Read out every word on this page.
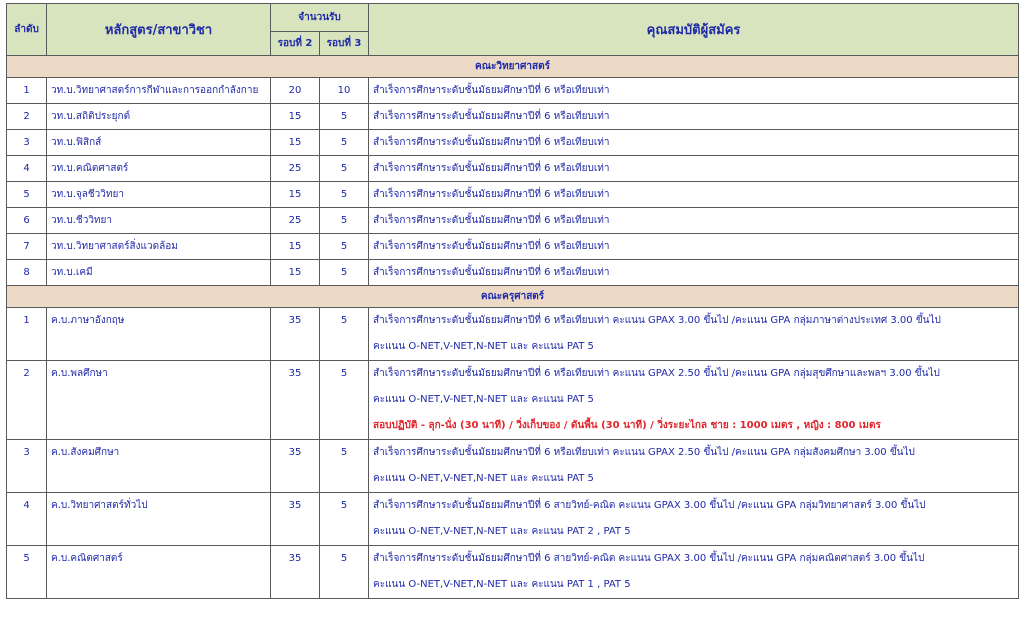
ลำดับ	หลักสูตร/สาขาวิชา	จำนวนรับ		คุณสมบัติผู้สมัคร
		รอบที่ 2	รอบที่ 3	
คณะวิทยาศาสตร์				
1	วท.บ.วิทยาศาสตร์การกีฬาและการออกกำลังกาย	20	10	สำเร็จการศึกษาระดับชั้นมัธยมศึกษาปีที่ 6 หรือเทียบเท่า
2	วท.บ.สถิติประยุกต์	15	5	สำเร็จการศึกษาระดับชั้นมัธยมศึกษาปีที่ 6 หรือเทียบเท่า
3	วท.บ.ฟิสิกส์	15	5	สำเร็จการศึกษาระดับชั้นมัธยมศึกษาปีที่ 6 หรือเทียบเท่า
4	วท.บ.คณิตศาสตร์	25	5	สำเร็จการศึกษาระดับชั้นมัธยมศึกษาปีที่ 6 หรือเทียบเท่า
5	วท.บ.จุลชีววิทยา	15	5	สำเร็จการศึกษาระดับชั้นมัธยมศึกษาปีที่ 6 หรือเทียบเท่า
6	วท.บ.ชีววิทยา	25	5	สำเร็จการศึกษาระดับชั้นมัธยมศึกษาปีที่ 6 หรือเทียบเท่า
7	วท.บ.วิทยาศาสตร์สิ่งแวดล้อม	15	5	สำเร็จการศึกษาระดับชั้นมัธยมศึกษาปีที่ 6 หรือเทียบเท่า
8	วท.บ.เคมี	15	5	สำเร็จการศึกษาระดับชั้นมัธยมศึกษาปีที่ 6 หรือเทียบเท่า
คณะครุศาสตร์				
1	ค.บ.ภาษาอังกฤษ	35	5	สำเร็จการศึกษาระดับชั้นมัธยมศึกษาปีที่ 6 หรือเทียบเท่า คะแนน GPAX 3.00 ขึ้นไป /คะแนน GPA กลุ่มภาษาต่างประเทศ 3.00 ขึ้นไป
คะแนน O-NET,V-NET,N-NET และ คะแนน PAT 5

2	ค.บ.พลศึกษา	35	5	สำเร็จการศึกษาระดับชั้นมัธยมศึกษาปีที่ 6 หรือเทียบเท่า คะแนน GPAX 2.50 ขึ้นไป /คะแนน GPA กลุ่มสุขศึกษาและพลฯ 3.00 ขึ้นไป
คะแนน O-NET,V-NET,N-NET และ คะแนน PAT 5
สอบปฏิบัติ - ลุก-นั่ง (30 นาที) / วิ่งเก็บของ / ดันพื้น (30 นาที) / วิ่งระยะไกล ชาย : 1000 เมตร , หญิง : 800 เมตร

3	ค.บ.สังคมศึกษา	35	5	สำเร็จการศึกษาระดับชั้นมัธยมศึกษาปีที่ 6 หรือเทียบเท่า คะแนน GPAX 2.50 ขึ้นไป /คะแนน GPA กลุ่มสังคมศึกษา 3.00 ขึ้นไป
คะแนน O-NET,V-NET,N-NET และ คะแนน PAT 5

4	ค.บ.วิทยาศาสตร์ทั่วไป	35	5	สำเร็จการศึกษาระดับชั้นมัธยมศึกษาปีที่ 6 สายวิทย์-คณิต คะแนน GPAX 3.00 ขึ้นไป /คะแนน GPA กลุ่มวิทยาศาสตร์ 3.00 ขึ้นไป
คะแนน O-NET,V-NET,N-NET และ คะแนน PAT 2 , PAT 5

5	ค.บ.คณิตศาสตร์	35	5	สำเร็จการศึกษาระดับชั้นมัธยมศึกษาปีที่ 6 สายวิทย์-คณิต คะแนน GPAX 3.00 ขึ้นไป /คะแนน GPA กลุ่มคณิตศาสตร์ 3.00 ขึ้นไป
คะแนน O-NET,V-NET,N-NET และ คะแนน PAT 1 , PAT 5
